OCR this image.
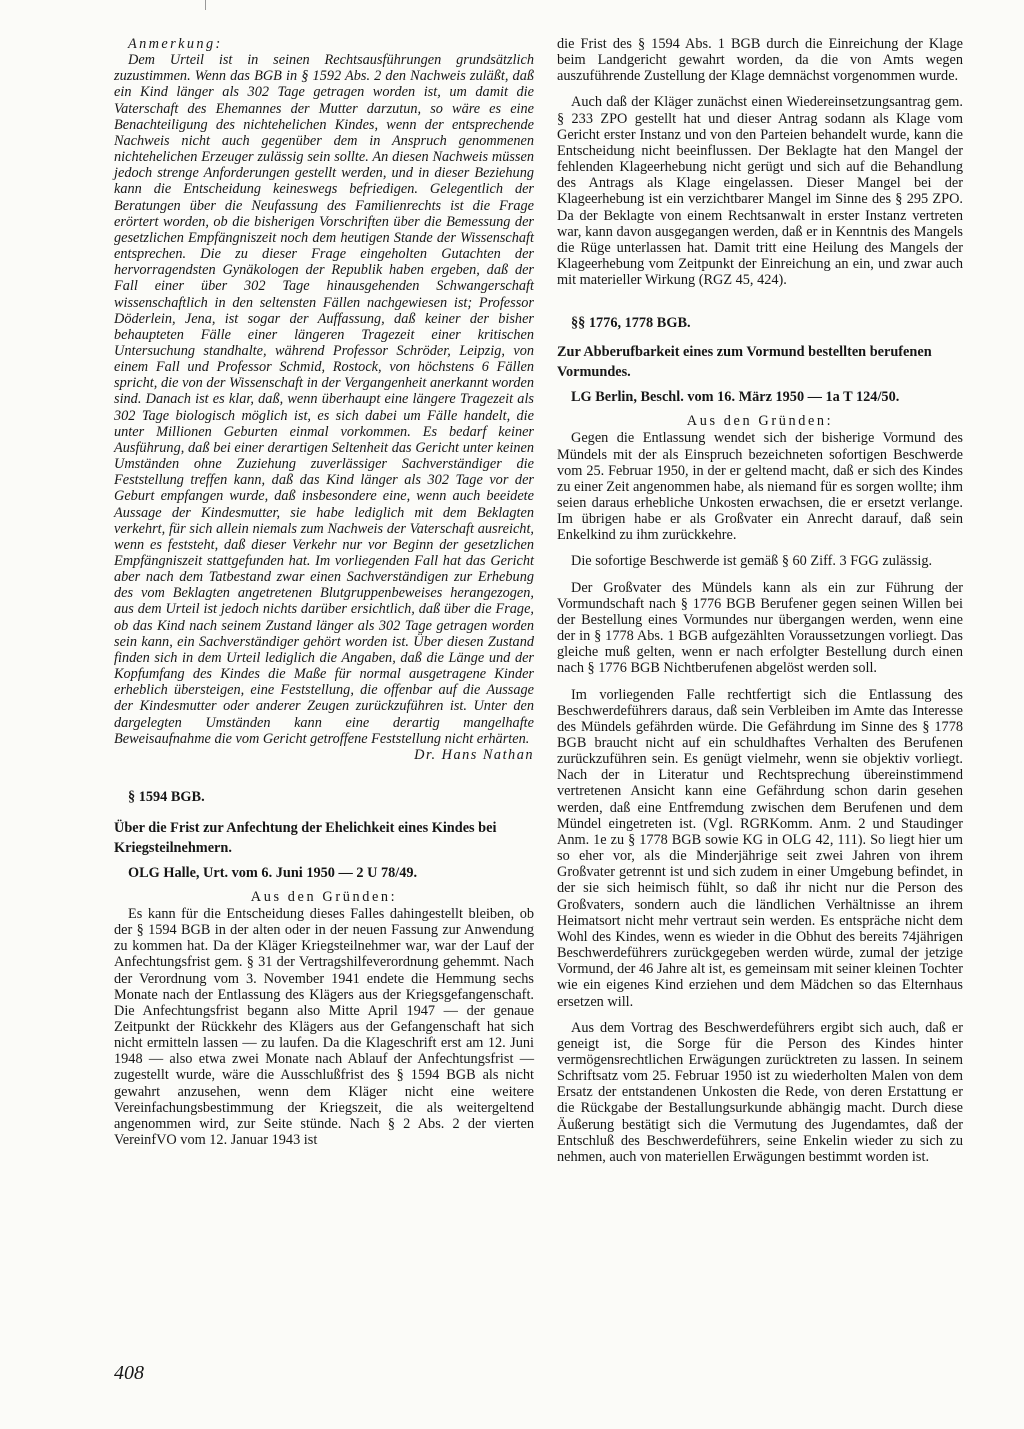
Anmerkung:

Dem Urteil ist in seinen Rechtsausführungen grundsätzlich zuzustimmen. Wenn das BGB in § 1592 Abs. 2 den Nachweis zuläßt, daß ein Kind länger als 302 Tage getragen worden ist, um damit die Vaterschaft des Ehemannes der Mutter darzutun, so wäre es eine Benachteiligung des nichtehelichen Kindes, wenn der entsprechende Nachweis nicht auch gegenüber dem in Anspruch genommenen nichtehelichen Erzeuger zulässig sein sollte. An diesen Nachweis müssen jedoch strenge Anforderungen gestellt werden, und in dieser Beziehung kann die Entscheidung keineswegs befriedigen. Gelegentlich der Beratungen über die Neufassung des Familienrechts ist die Frage erörtert worden, ob die bisherigen Vorschriften über die Bemessung der gesetzlichen Empfängniszeit noch dem heutigen Stande der Wissenschaft entsprechen. Die zu dieser Frage eingeholten Gutachten der hervorragendsten Gynäkologen der Republik haben ergeben, daß der Fall einer über 302 Tage hinausgehenden Schwangerschaft wissenschaftlich in den seltensten Fällen nachgewiesen ist; Professor Döderlein, Jena, ist sogar der Auffassung, daß keiner der bisher behaupteten Fälle einer längeren Tragezeit einer kritischen Untersuchung standhalte, während Professor Schröder, Leipzig, von einem Fall und Professor Schmid, Rostock, von höchstens 6 Fällen spricht, die von der Wissenschaft in der Vergangenheit anerkannt worden sind. Danach ist es klar, daß, wenn überhaupt eine längere Tragezeit als 302 Tage biologisch möglich ist, es sich dabei um Fälle handelt, die unter Millionen Geburten einmal vorkommen. Es bedarf keiner Ausführung, daß bei einer derartigen Seltenheit das Gericht unter keinen Umständen ohne Zuziehung zuverlässiger Sachverständiger die Feststellung treffen kann, daß das Kind länger als 302 Tage vor der Geburt empfangen wurde, daß insbesondere eine, wenn auch beeidete Aussage der Kindesmutter, sie habe lediglich mit dem Beklagten verkehrt, für sich allein niemals zum Nachweis der Vaterschaft ausreicht, wenn es feststeht, daß dieser Verkehr nur vor Beginn der gesetzlichen Empfängniszeit stattgefunden hat. Im vorliegenden Fall hat das Gericht aber nach dem Tatbestand zwar einen Sachverständigen zur Erhebung des vom Beklagten angetretenen Blutgruppenbeweises herangezogen, aus dem Urteil ist jedoch nichts darüber ersichtlich, daß über die Frage, ob das Kind nach seinem Zustand länger als 302 Tage getragen worden sein kann, ein Sachverständiger gehört worden ist. Über diesen Zustand finden sich in dem Urteil lediglich die Angaben, daß die Länge und der Kopfumfang des Kindes die Maße für normal ausgetragene Kinder erheblich übersteigen, eine Feststellung, die offenbar auf die Aussage der Kindesmutter oder anderer Zeugen zurückzuführen ist. Unter den dargelegten Umständen kann eine derartig mangelhafte Beweisaufnahme die vom Gericht getroffene Feststellung nicht erhärten.

Dr. Hans Nathan

§ 1594 BGB.

Über die Frist zur Anfechtung der Ehelichkeit eines Kindes bei Kriegsteilnehmern.

OLG Halle, Urt. vom 6. Juni 1950 — 2 U 78/49.

Aus den Gründen:

Es kann für die Entscheidung dieses Falles dahingestellt bleiben, ob der § 1594 BGB in der alten oder in der neuen Fassung zur Anwendung zu kommen hat. Da der Kläger Kriegsteilnehmer war, war der Lauf der Anfechtungsfrist gem. § 31 der Vertragshilfeverordnung gehemmt. Nach der Verordnung vom 3. November 1941 endete die Hemmung sechs Monate nach der Entlassung des Klägers aus der Kriegsgefangenschaft. Die Anfechtungsfrist begann also Mitte April 1947 — der genaue Zeitpunkt der Rückkehr des Klägers aus der Gefangenschaft hat sich nicht ermitteln lassen — zu laufen. Da die Klageschrift erst am 12. Juni 1948 — also etwa zwei Monate nach Ablauf der Anfechtungsfrist — zugestellt wurde, wäre die Ausschlußfrist des § 1594 BGB als nicht gewahrt anzusehen, wenn dem Kläger nicht eine weitere Vereinfachungsbestimmung der Kriegszeit, die als weitergeltend angenommen wird, zur Seite stünde. Nach § 2 Abs. 2 der vierten VereinfVO vom 12. Januar 1943 ist

die Frist des § 1594 Abs. 1 BGB durch die Einreichung der Klage beim Landgericht gewahrt worden, da die von Amts wegen auszuführende Zustellung der Klage demnächst vorgenommen wurde.

Auch daß der Kläger zunächst einen Wiedereinsetzungsantrag gem. § 233 ZPO gestellt hat und dieser Antrag sodann als Klage vom Gericht erster Instanz und von den Parteien behandelt wurde, kann die Entscheidung nicht beeinflussen. Der Beklagte hat den Mangel der fehlenden Klageerhebung nicht gerügt und sich auf die Behandlung des Antrags als Klage eingelassen. Dieser Mangel bei der Klageerhebung ist ein verzichtbarer Mangel im Sinne des § 295 ZPO. Da der Beklagte von einem Rechtsanwalt in erster Instanz vertreten war, kann davon ausgegangen werden, daß er in Kenntnis des Mangels die Rüge unterlassen hat. Damit tritt eine Heilung des Mangels der Klageerhebung vom Zeitpunkt der Einreichung an ein, und zwar auch mit materieller Wirkung (RGZ 45, 424).

§§ 1776, 1778 BGB.

Zur Abberufbarkeit eines zum Vormund bestellten berufenen Vormundes.

LG Berlin, Beschl. vom 16. März 1950 — 1a T 124/50.

Aus den Gründen:

Gegen die Entlassung wendet sich der bisherige Vormund des Mündels mit der als Einspruch bezeichneten sofortigen Beschwerde vom 25. Februar 1950, in der er geltend macht, daß er sich des Kindes zu einer Zeit angenommen habe, als niemand für es sorgen wollte; ihm seien daraus erhebliche Unkosten erwachsen, die er ersetzt verlange. Im übrigen habe er als Großvater ein Anrecht darauf, daß sein Enkelkind zu ihm zurückkehre.

Die sofortige Beschwerde ist gemäß § 60 Ziff. 3 FGG zulässig.

Der Großvater des Mündels kann als ein zur Führung der Vormundschaft nach § 1776 BGB Berufener gegen seinen Willen bei der Bestellung eines Vormundes nur übergangen werden, wenn eine der in § 1778 Abs. 1 BGB aufgezählten Voraussetzungen vorliegt. Das gleiche muß gelten, wenn er nach erfolgter Bestellung durch einen nach § 1776 BGB Nichtberufenen abgelöst werden soll.

Im vorliegenden Falle rechtfertigt sich die Entlassung des Beschwerdeführers daraus, daß sein Verbleiben im Amte das Interesse des Mündels gefährden würde. Die Gefährdung im Sinne des § 1778 BGB braucht nicht auf ein schuldhaftes Verhalten des Berufenen zurückzuführen sein. Es genügt vielmehr, wenn sie objektiv vorliegt. Nach der in Literatur und Rechtsprechung übereinstimmend vertretenen Ansicht kann eine Gefährdung schon darin gesehen werden, daß eine Entfremdung zwischen dem Berufenen und dem Mündel eingetreten ist. (Vgl. RGRKomm. Anm. 2 und Staudinger Anm. 1e zu § 1778 BGB sowie KG in OLG 42, 111). So liegt hier um so eher vor, als die Minderjährige seit zwei Jahren von ihrem Großvater getrennt ist und sich zudem in einer Umgebung befindet, in der sie sich heimisch fühlt, so daß ihr nicht nur die Person des Großvaters, sondern auch die ländlichen Verhältnisse an ihrem Heimatsort nicht mehr vertraut sein werden. Es entspräche nicht dem Wohl des Kindes, wenn es wieder in die Obhut des bereits 74jährigen Beschwerdeführers zurückgegeben werden würde, zumal der jetzige Vormund, der 46 Jahre alt ist, es gemeinsam mit seiner kleinen Tochter wie ein eigenes Kind erziehen und dem Mädchen so das Elternhaus ersetzen will.

Aus dem Vortrag des Beschwerdeführers ergibt sich auch, daß er geneigt ist, die Sorge für die Person des Kindes hinter vermögensrechtlichen Erwägungen zurücktreten zu lassen. In seinem Schriftsatz vom 25. Februar 1950 ist zu wiederholten Malen von dem Ersatz der entstandenen Unkosten die Rede, von deren Erstattung er die Rückgabe der Bestallungsurkunde abhängig macht. Durch diese Äußerung bestätigt sich die Vermutung des Jugendamtes, daß der Entschluß des Beschwerdeführers, seine Enkelin wieder zu sich zu nehmen, auch von materiellen Erwägungen bestimmt worden ist.

408
